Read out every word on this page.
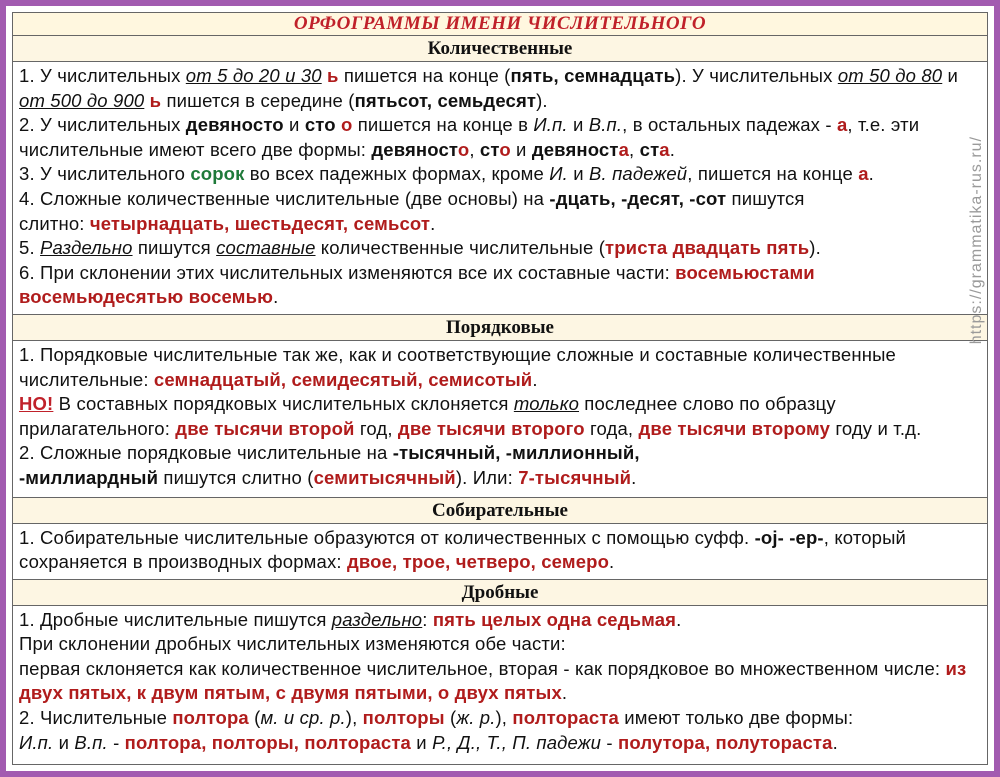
ОРФОГРАММЫ ИМЕНИ ЧИСЛИТЕЛЬНОГО
Количественные

1. У числительных от 5 до 20 и 30 ь пишется на конце (пять, семнадцать). У числительных от 50 до 80 и от 500 до 900 ь пишется в середине (пятьсот, семьдесят).

2. У числительных девяносто и сто о пишется на конце в И.п. и В.п., в остальных падежах - а, т.е. эти числительные имеют всего две формы: девяносто, сто и девяноста, ста.

3. У числительного сорок во всех падежных формах, кроме И. и В. падежей, пишется на конце а.

4. Сложные количественные числительные (две основы) на -дцать, -десят, -сот пишутся
слитно: четырнадцать, шестьдесят, семьсот.

5. Раздельно пишутся составные количественные числительные (триста двадцать пять).

6. При склонении этих числительных изменяются все их составные части: восемьюстами восемьюдесятью восемью.

Порядковые

1. Порядковые числительные так же, как и соответствующие сложные и составные количественные числительные: семнадцатый, семидесятый, семисотый.

НО! В составных порядковых числительных склоняется только последнее слово по образцу прилагательного: две тысячи второй год, две тысячи второго года, две тысячи второму году и т.д.

2. Сложные порядковые числительные на -тысячный, -миллионный,
-миллиардный пишутся слитно (семитысячный). Или: 7-тысячный.

Собирательные

1. Собирательные числительные образуются от количественных с помощью суфф. -oj- -ер-, который сохраняется в производных формах: двое, трое, четверо, семеро.

Дробные

1. Дробные числительные пишутся раздельно: пять целых одна седьмая.

При склонении дробных числительных изменяются обе части:

первая склоняется как количественное числительное, вторая - как порядковое во множественном числе: из двух пятых, к двум пятым, с двумя пятыми, о двух пятых.

2. Числительные полтора (м. и ср. р.), полторы (ж. р.), полтораста имеют только две формы:

И.п. и В.п. - полтора, полторы, полтораста и Р., Д., Т., П. падежи - полутора, полутораста.

https://grammatika-rus.ru/
